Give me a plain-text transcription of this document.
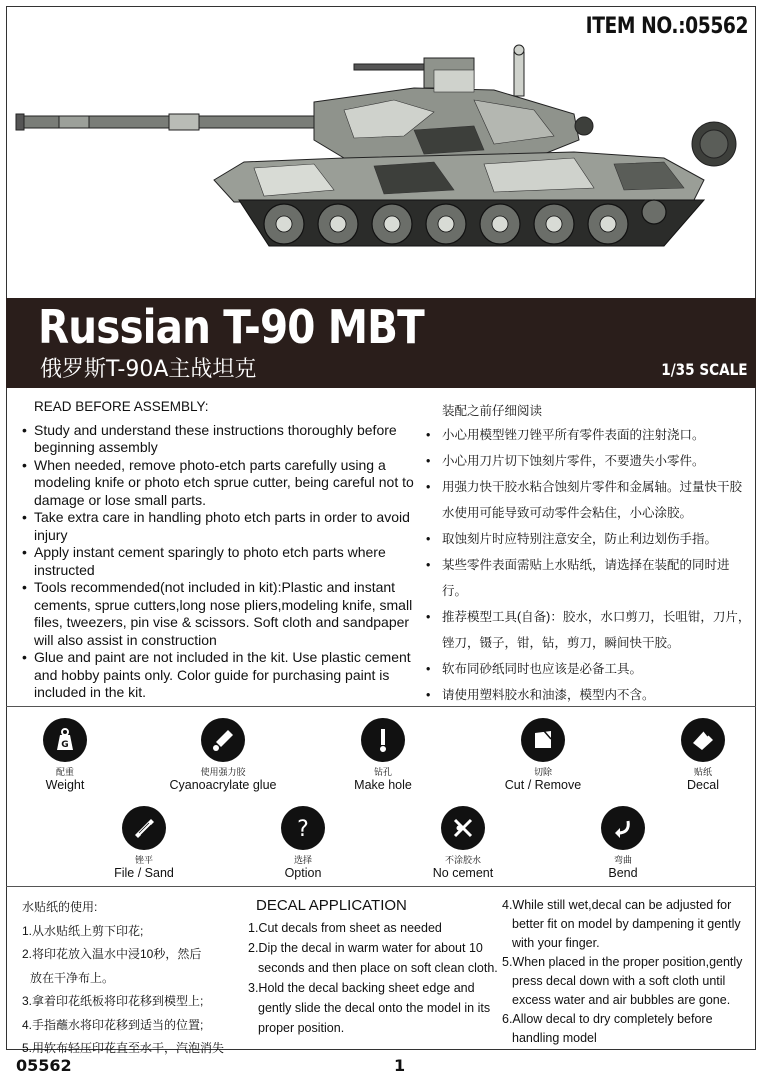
ITEM NO.:05562
Russian T-90 MBT
俄罗斯T-90A主战坦克	1/35 SCALE
READ BEFORE ASSEMBLY:
• Study and understand these instructions thoroughly before beginning assembly
• When needed, remove photo-etch parts carefully using a modeling knife or photo etch sprue cutter, being careful not to damage or lose small parts.
• Take extra care in handling photo etch parts in order to avoid injury
• Apply instant cement sparingly to photo etch parts where instructed
• Tools recommended(not included in kit):Plastic and instant cements, sprue cutters,long nose pliers,modeling knife, small files, tweezers, pin vise & scissors. Soft cloth and sandpaper will also assist in construction
• Glue and paint are not included in the kit. Use plastic cement and hobby paints only. Color guide for purchasing paint is included in the kit.
装配之前仔细阅读
• 小心用模型锉刀锉平所有零件表面的注射浇口。
• 小心用刀片切下蚀刻片零件，不要遗失小零件。
• 用强力快干胶水粘合蚀刻片零件和金属轴。过量快干胶水使用可能导致可动零件会粘住，小心涂胶。
• 取蚀刻片时应特别注意安全，防止利边划伤手指。
• 某些零件表面需贴上水贴纸，请选择在装配的同时进行。
• 推荐模型工具(自备)：胶水，水口剪刀，长咀钳，刀片，锉刀，镊子，钳，钻，剪刀，瞬间快干胶。
• 软布同砂纸同时也应该是必备工具。
• 请使用塑料胶水和油漆，模型内不含。
G
配重
Weight
使用强力胶
Cyanoacrylate glue
钻孔
Make hole
切除
Cut / Remove
贴纸
Decal
锉平
File / Sand
?
选择
Option
不涂胶水
No cement
弯曲
Bend
水贴纸的使用:
1.从水贴纸上剪下印花;
2.将印花放入温水中浸10秒，然后
放在干净布上。
3.拿着印花纸板将印花移到模型上;
4.手指蘸水将印花移到适当的位置;
5.用软布轻压印花直至水干，汽泡消失
DECAL APPLICATION
1.Cut decals from sheet as needed
2.Dip the decal in warm water for about 10 seconds and then place on soft clean cloth.
3.Hold the decal backing sheet edge and gently slide the decal onto the model in its proper position.
4.While still wet,decal can be adjusted for better fit on model by dampening it gently with your finger.
5.When placed in the proper position,gently press decal down with a soft cloth until excess water and air bubbles are gone.
6.Allow decal to dry completely before handling model
05562	1
